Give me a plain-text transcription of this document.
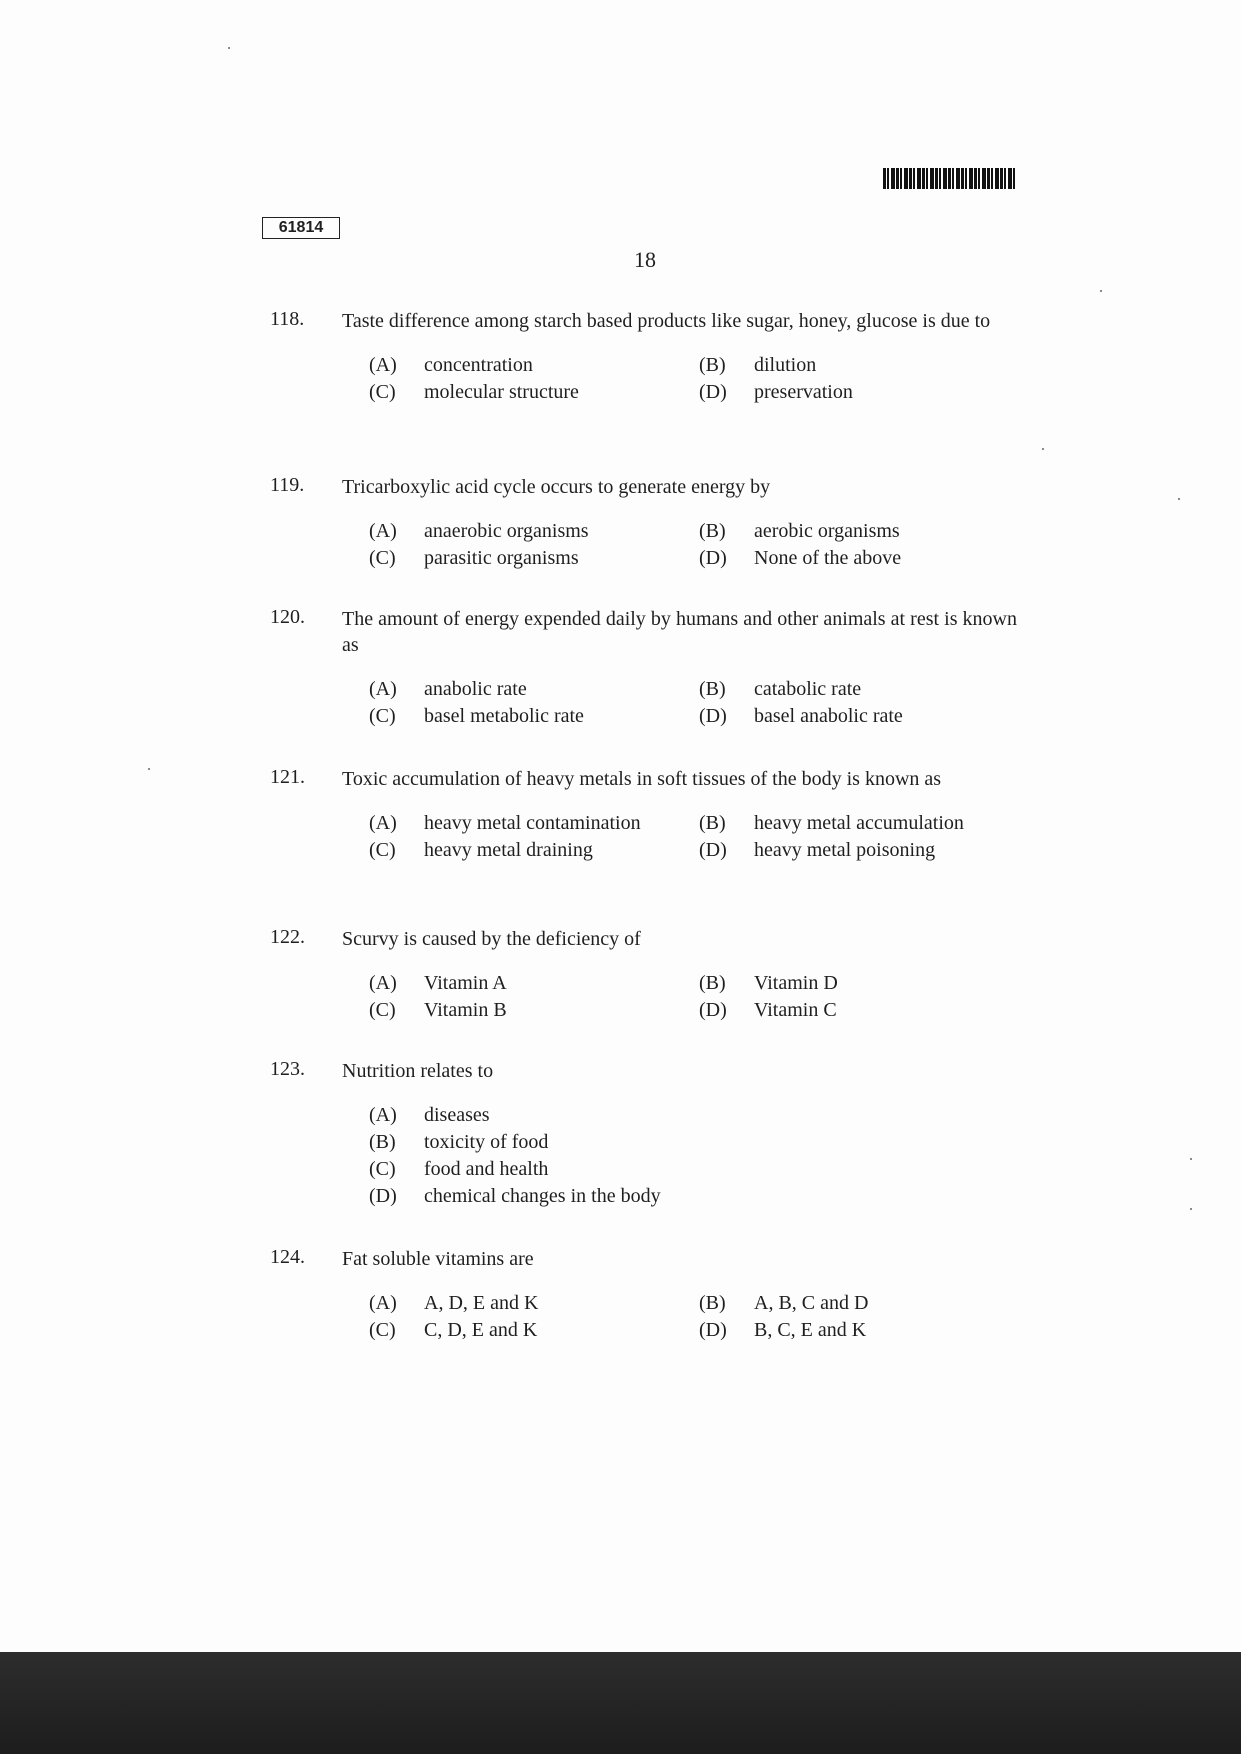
61814
18
118. Taste difference among starch based products like sugar, honey, glucose is due to
(A)	concentration	(B)	dilution
(C)	molecular structure	(D)	preservation
119. Tricarboxylic acid cycle occurs to generate energy by
(A)	anaerobic organisms	(B)	aerobic organisms
(C)	parasitic organisms	(D)	None of the above
120. The amount of energy expended daily by humans and other animals at rest is known as
(A)	anabolic rate	(B)	catabolic rate
(C)	basel metabolic rate	(D)	basel anabolic rate
121. Toxic accumulation of heavy metals in soft tissues of the body is known as
(A)	heavy metal contamination	(B)	heavy metal accumulation
(C)	heavy metal draining	(D)	heavy metal poisoning
122. Scurvy is caused by the deficiency of
(A)	Vitamin A	(B)	Vitamin D
(C)	Vitamin B	(D)	Vitamin C
123. Nutrition relates to
(A)	diseases
(B)	toxicity of food
(C)	food and health
(D)	chemical changes in the body
124. Fat soluble vitamins are
(A)	A, D, E and K	(B)	A, B, C and D
(C)	C, D, E and K	(D)	B, C, E and K
